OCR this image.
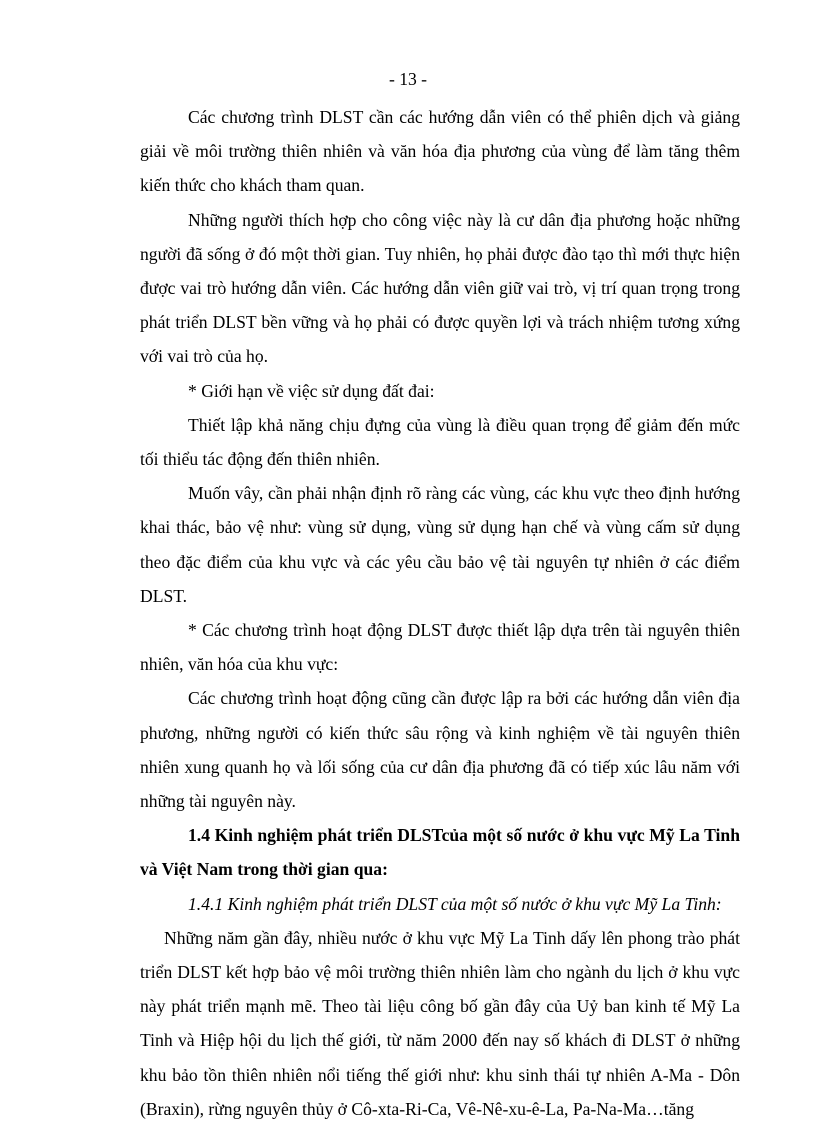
- 13 -

Các chương trình DLST cần các hướng dẫn viên có thể phiên dịch và giảng giải về môi trường thiên nhiên và văn hóa địa phương của vùng để làm tăng thêm kiến thức cho khách tham quan.

Những người thích hợp cho công việc này là cư dân địa phương hoặc những người đã sống ở đó một thời gian. Tuy nhiên, họ phải được đào tạo thì mới thực hiện được vai trò hướng dẫn viên. Các hướng dẫn viên giữ vai trò, vị trí quan trọng trong phát triển DLST bền vững và họ phải có được quyền lợi và trách nhiệm tương xứng với vai trò của họ.

* Giới hạn về việc sử dụng đất đai:

Thiết lập khả năng chịu đựng của vùng là điều quan trọng để giảm đến mức tối thiểu tác động đến thiên nhiên.

Muốn vây, cần phải nhận định rõ ràng các vùng, các khu vực theo định hướng khai thác, bảo vệ như: vùng sử dụng, vùng sử dụng hạn chế và vùng cấm sử dụng theo đặc điểm của khu vực và các yêu cầu bảo vệ tài nguyên tự nhiên ở các điểm DLST.

* Các chương trình hoạt động DLST được thiết lập dựa trên tài nguyên thiên nhiên, văn hóa của khu vực:

Các chương trình hoạt động cũng cần được lập ra bởi các hướng dẫn viên địa phương, những người có kiến thức sâu rộng và kinh nghiệm về tài nguyên thiên nhiên xung quanh họ và lối sống của cư dân địa phương đã có tiếp xúc lâu năm với những tài nguyên này.

1.4 Kinh nghiệm phát triển DLSTcủa một số nước ở khu vực Mỹ La Tinh và Việt Nam trong thời gian qua:

1.4.1 Kinh nghiệm phát triển DLST của một số nước ở khu vực Mỹ La Tinh:

Những năm gần đây, nhiều nước ở khu vực Mỹ La Tinh dấy lên phong trào phát triển DLST kết hợp bảo vệ môi trường thiên nhiên làm cho ngành du lịch ở khu vực này phát triển mạnh mẽ. Theo tài liệu công bố gần đây của Uỷ ban kinh tế Mỹ La Tinh và Hiệp hội du lịch thế giới, từ năm 2000 đến nay số khách đi DLST ở những khu bảo tồn thiên nhiên nổi tiếng thế giới như: khu sinh thái tự nhiên A-Ma - Dôn (Braxin), rừng nguyên thủy ở Cô-xta-Ri-Ca, Vê-Nê-xu-ê-La, Pa-Na-Ma…tăng
